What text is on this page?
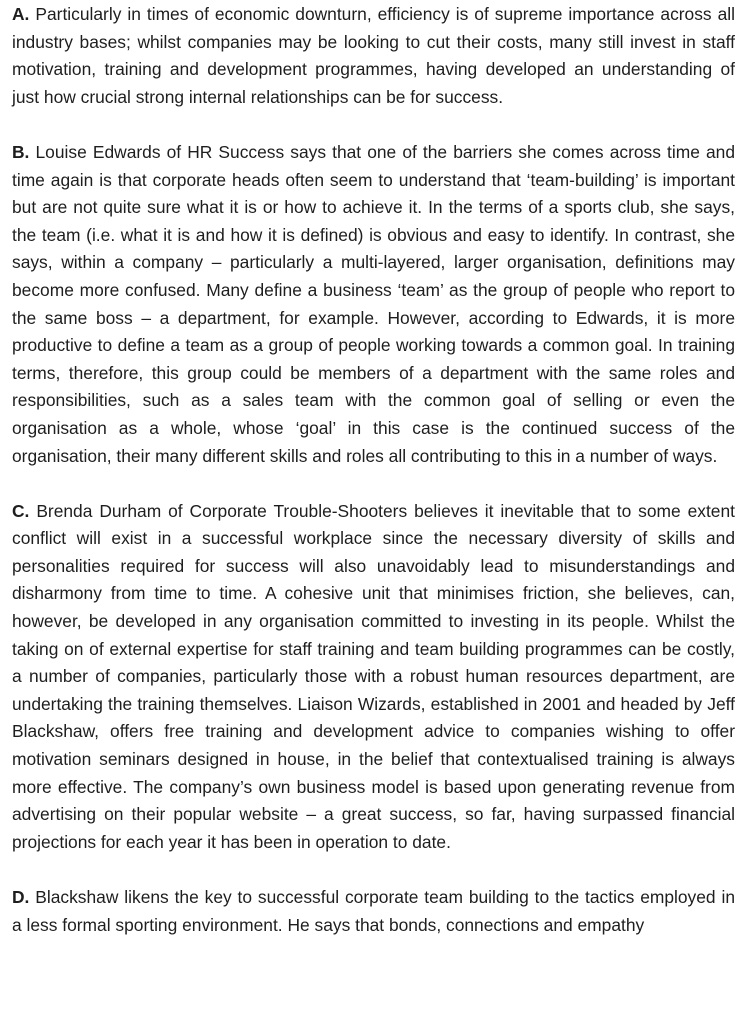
A. Particularly in times of economic downturn, efficiency is of supreme importance across all industry bases; whilst companies may be looking to cut their costs, many still invest in staff motivation, training and development programmes, having developed an understanding of just how crucial strong internal relationships can be for success.

B. Louise Edwards of HR Success says that one of the barriers she comes across time and time again is that corporate heads often seem to understand that ‘team-building’ is important but are not quite sure what it is or how to achieve it. In the terms of a sports club, she says, the team (i.e. what it is and how it is defined) is obvious and easy to identify. In contrast, she says, within a company – particularly a multi-layered, larger organisation, definitions may become more confused. Many define a business ‘team’ as the group of people who report to the same boss – a department, for example. However, according to Edwards, it is more productive to define a team as a group of people working towards a common goal. In training terms, therefore, this group could be members of a department with the same roles and responsibilities, such as a sales team with the common goal of selling or even the organisation as a whole, whose ‘goal’ in this case is the continued success of the organisation, their many different skills and roles all contributing to this in a number of ways.

C. Brenda Durham of Corporate Trouble-Shooters believes it inevitable that to some extent conflict will exist in a successful workplace since the necessary diversity of skills and personalities required for success will also unavoidably lead to misunderstandings and disharmony from time to time. A cohesive unit that minimises friction, she believes, can, however, be developed in any organisation committed to investing in its people. Whilst the taking on of external expertise for staff training and team building programmes can be costly, a number of companies, particularly those with a robust human resources department, are undertaking the training themselves. Liaison Wizards, established in 2001 and headed by Jeff Blackshaw, offers free training and development advice to companies wishing to offer motivation seminars designed in house, in the belief that contextualised training is always more effective. The company’s own business model is based upon generating revenue from advertising on their popular website – a great success, so far, having surpassed financial projections for each year it has been in operation to date.

D. Blackshaw likens the key to successful corporate team building to the tactics employed in a less formal sporting environment. He says that bonds, connections and empathy
